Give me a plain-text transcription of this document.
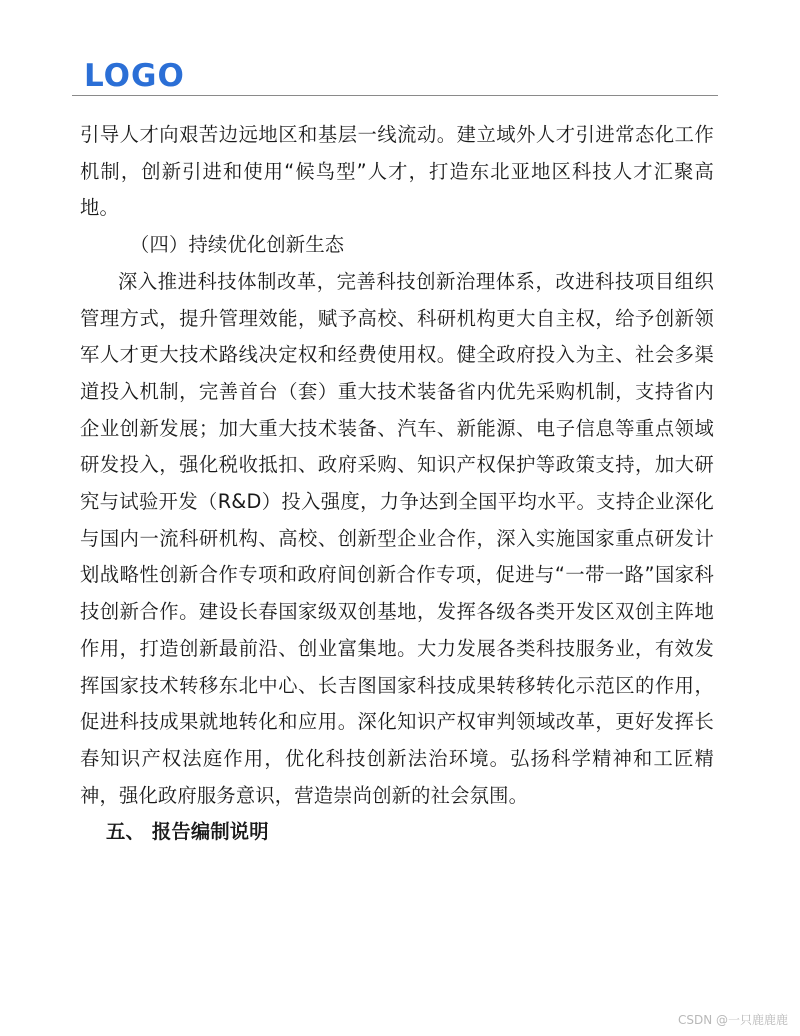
LOGO

引导人才向艰苦边远地区和基层一线流动。建立域外人才引进常态化工作机制，创新引进和使用“候鸟型”人才，打造东北亚地区科技人才汇聚高地。

（四）持续优化创新生态

深入推进科技体制改革，完善科技创新治理体系，改进科技项目组织管理方式，提升管理效能，赋予高校、科研机构更大自主权，给予创新领军人才更大技术路线决定权和经费使用权。健全政府投入为主、社会多渠道投入机制，完善首台（套）重大技术装备省内优先采购机制，支持省内企业创新发展；加大重大技术装备、汽车、新能源、电子信息等重点领域研发投入，强化税收抵扣、政府采购、知识产权保护等政策支持，加大研究与试验开发（R&D）投入强度，力争达到全国平均水平。支持企业深化与国内一流科研机构、高校、创新型企业合作，深入实施国家重点研发计划战略性创新合作专项和政府间创新合作专项，促进与“一带一路”国家科技创新合作。建设长春国家级双创基地，发挥各级各类开发区双创主阵地作用，打造创新最前沿、创业富集地。大力发展各类科技服务业，有效发挥国家技术转移东北中心、长吉图国家科技成果转移转化示范区的作用，促进科技成果就地转化和应用。深化知识产权审判领域改革，更好发挥长春知识产权法庭作用，优化科技创新法治环境。弘扬科学精神和工匠精神，强化政府服务意识，营造崇尚创新的社会氛围。

五、 报告编制说明

CSDN @一只鹿鹿鹿
